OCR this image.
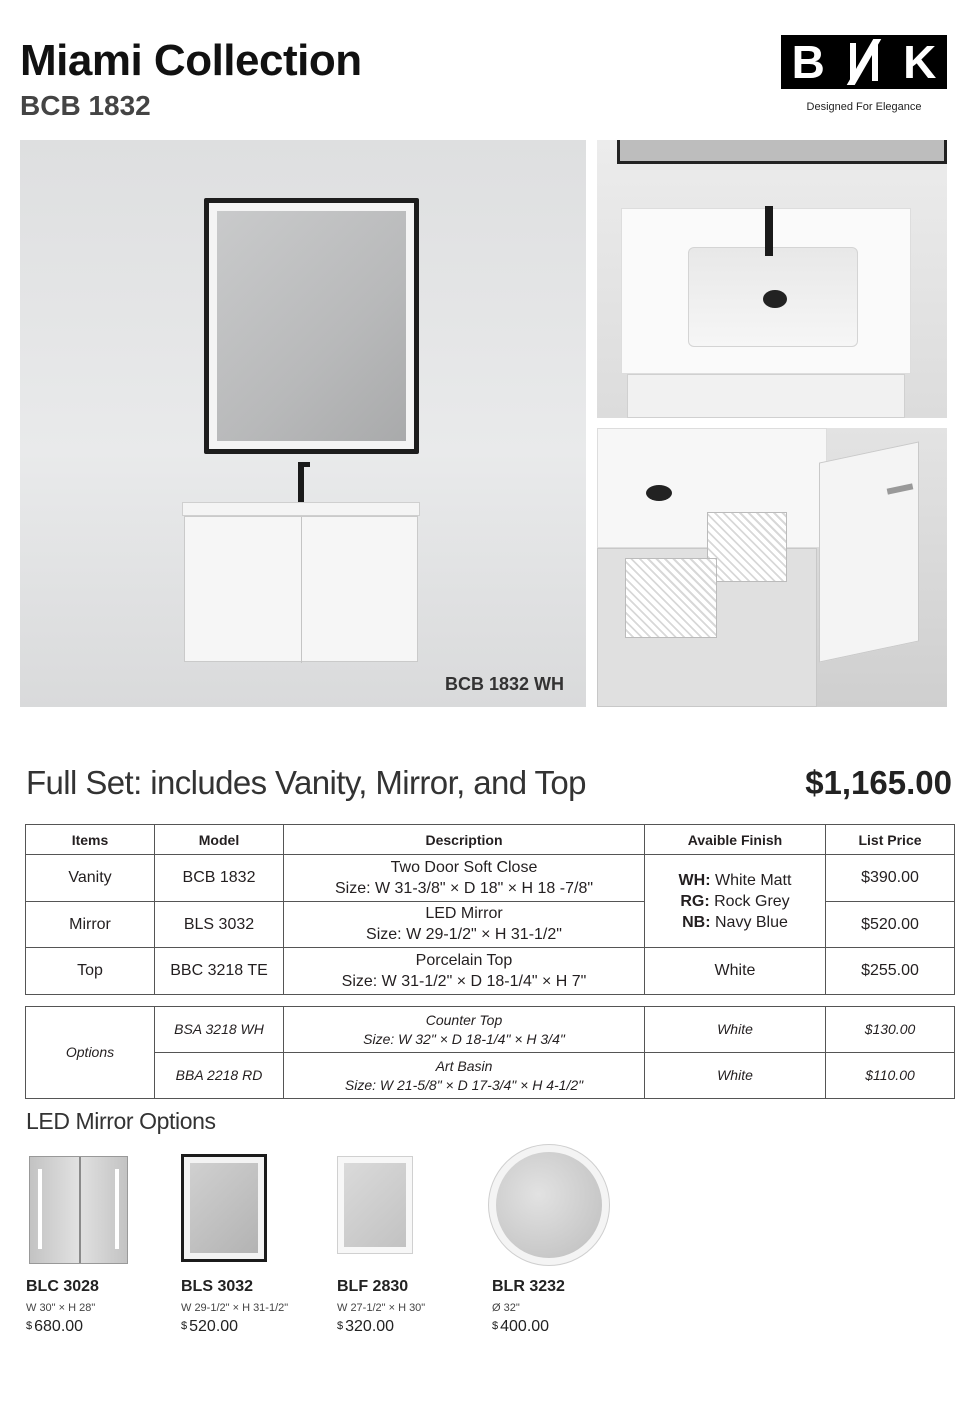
Miami Collection
BCB 1832
B K
Designed For Elegance
BCB 1832 WH
Full Set: includes Vanity, Mirror, and Top	$1,165.00
Items	Model	Description	Avaible Finish	List Price
Vanity	BCB 1832	Two Door Soft Close
Size: W 31-3/8" × D 18" × H 18 -7/8"	WH: White Matt
RG: Rock Grey
NB: Navy Blue	$390.00
Mirror	BLS 3032	LED Mirror
Size: W 29-1/2" × H 31-1/2"		$520.00
Top	BBC 3218 TE	Porcelain Top
Size: W 31-1/2" × D 18-1/4" × H 7"	White	$255.00
Options	BSA 3218 WH	Counter Top
Size: W 32" × D 18-1/4" × H 3/4"	White	$130.00
	BBA 2218 RD	Art Basin
Size: W 21-5/8" × D 17-3/4" × H 4-1/2"	White	$110.00
LED Mirror Options
BLC 3028
W 30" × H 28"
$ 680.00
BLS 3032
W 29-1/2" × H 31-1/2"
$ 520.00
BLF 2830
W 27-1/2" × H 30"
$ 320.00
BLR 3232
Ø 32"
$ 400.00
